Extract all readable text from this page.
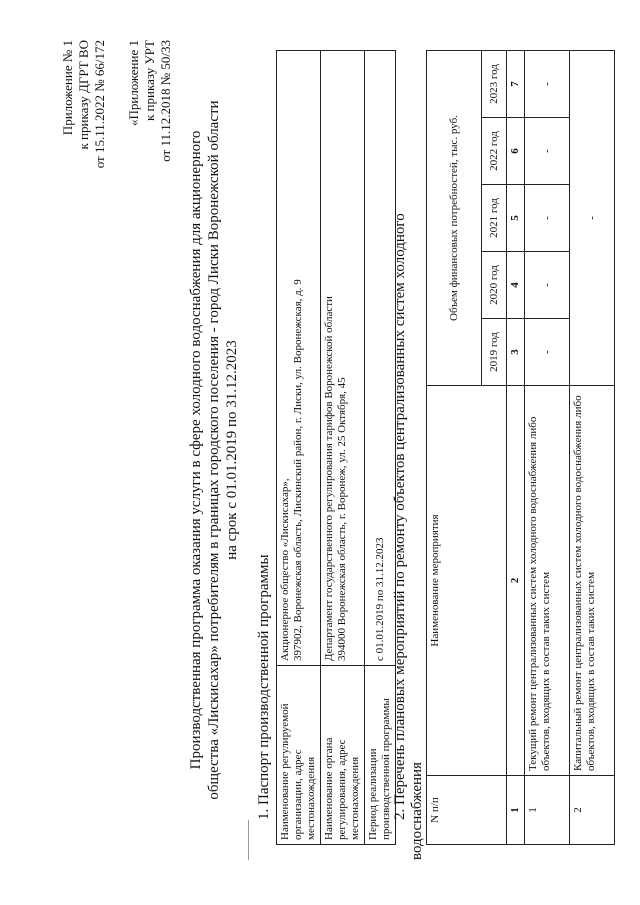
Приложение № 1 к приказу ДГРТ ВО от 15.11.2022 № 66/172 «Приложение 1 к приказу УРТ от 11.12.2018 № 50/33
Производственная программа оказания услуги в сфере холодного водоснабжения для акционерного общества «Лискисахар» потребителям в границах городского поселения - город Лиски Воронежской области на срок с 01.01.2019 по 31.12.2023
1. Паспорт производственной программы Наименование регулируемой организации, адрес местонахождения	Акционерное общество «Лискисахар», 397902, Воронежская область, Лискинский район, г. Лиски, ул. Воронежская, д. 9

Наименование органа регулирования, адрес местонахождения	Департамент государственного регулирования тарифов Воронежской области 394000 Воронежская область, г. Воронеж, ул. 25 Октября, 45

Период реализации производственной программы	с 01.01.2019 по 31.12.2023 2. Перечень плановых мероприятий по ремонту объектов централизованных систем холодного водоснабжения N п/п	Наименование мероприятия	Объем финансовых потребностей, тыс. руб.				
		2019 год	2020 год	2021 год	2022 год	2023 год
1	2	3	4	5	6	7
1	Текущий ремонт централизованных систем холодного водоснабжения либо объектов, входящих в состав таких систем	-	-	-	-	-
2	Капитальный ремонт централизованных систем холодного водоснабжения либо объектов, входящих в состав таких систем	-				
